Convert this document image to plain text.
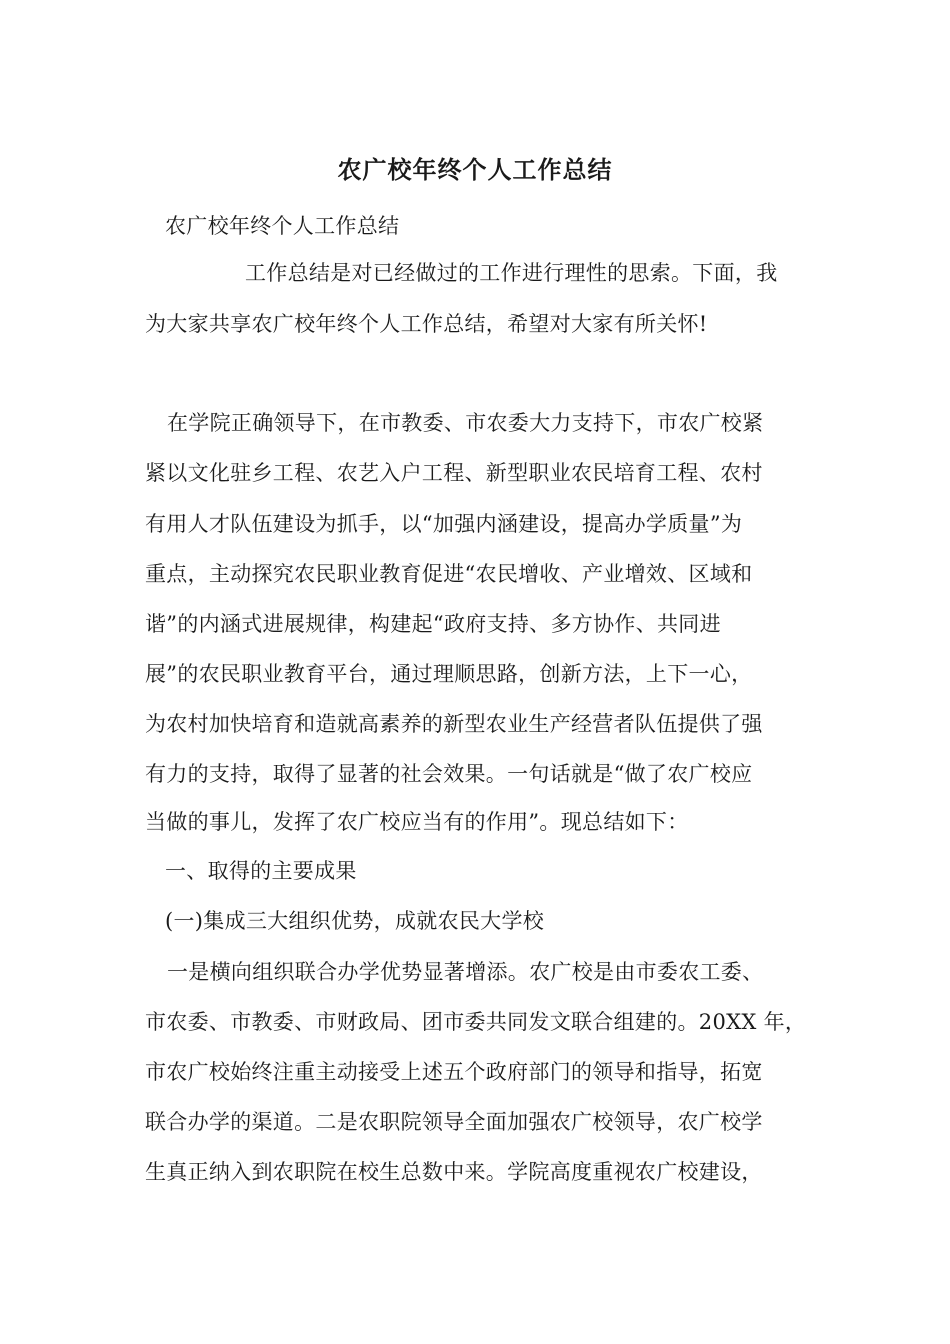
农广校年终个人工作总结
农广校年终个人工作总结
工作总结是对已经做过的工作进行理性的思索。下面，我
为大家共享农广校年终个人工作总结，希望对大家有所关怀!
在学院正确领导下，在市教委、市农委大力支持下，市农广校紧
紧以文化驻乡工程、农艺入户工程、新型职业农民培育工程、农村
有用人才队伍建设为抓手，以“加强内涵建设，提高办学质量”为
重点，主动探究农民职业教育促进“农民增收、产业增效、区域和
谐”的内涵式进展规律，构建起“政府支持、多方协作、共同进
展”的农民职业教育平台，通过理顺思路，创新方法，上下一心，
为农村加快培育和造就高素养的新型农业生产经营者队伍提供了强
有力的支持，取得了显著的社会效果。一句话就是“做了农广校应
当做的事儿，发挥了农广校应当有的作用”。现总结如下：
一、取得的主要成果
(一)集成三大组织优势，成就农民大学校
一是横向组织联合办学优势显著增添。农广校是由市委农工委、
市农委、市教委、市财政局、团市委共同发文联合组建的。20XX 年，
市农广校始终注重主动接受上述五个政府部门的领导和指导，拓宽
联合办学的渠道。二是农职院领导全面加强农广校领导，农广校学
生真正纳入到农职院在校生总数中来。学院高度重视农广校建设，
